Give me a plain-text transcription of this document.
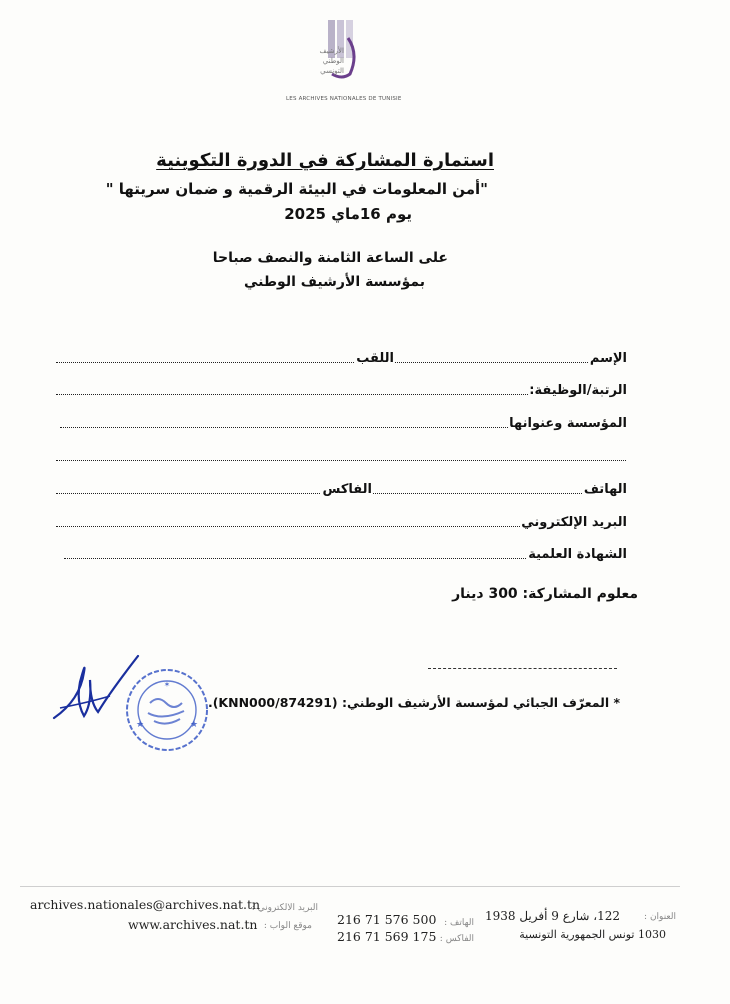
الأرشيف
الوطني
التونسي
LES ARCHIVES NATIONALES DE TUNISIE
استمارة المشاركة في الدورة التكوينية
"أمن المعلومات في البيئة الرقمية و ضمان سريتها "
يوم 16ماي 2025
على الساعة الثامنة والنصف صباحا
بمؤسسة الأرشيف الوطني
الإسم
اللقب
الرتبة/الوظيفة:
المؤسسة وعنوانها
الهاتف
الفاكس
البريد الإلكتروني
الشهادة العلمية
معلوم المشاركة: 300 دينار
* المعرّف الجبائي لمؤسسة الأرشيف الوطني: (874291/KNN000).
✶
★	★
العنوان :
122، شارع 9 أفريل 1938
1030 تونس الجمهورية التونسية
الهاتف :
216 71 576 500
الفاكس :
216 71 569 175
البريد الالكتروني :
archives.nationales@archives.nat.tn
موقع الواب :
www.archives.nat.tn
